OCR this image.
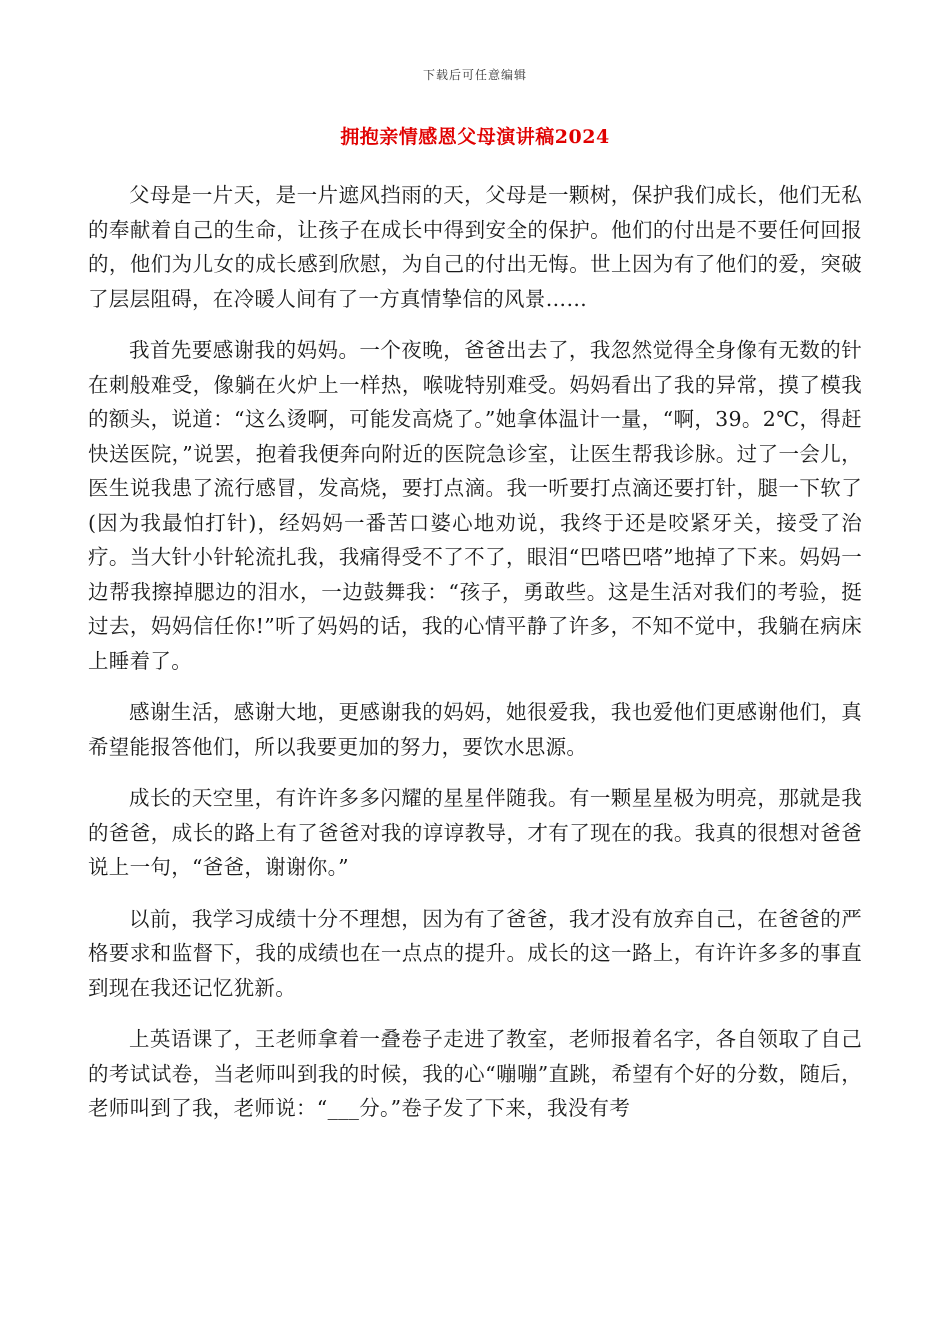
下载后可任意编辑
拥抱亲情感恩父母演讲稿2024

父母是一片天，是一片遮风挡雨的天，父母是一颗树，保护我们成长，他们无私的奉献着自己的生命，让孩子在成长中得到安全的保护。他们的付出是不要任何回报的，他们为儿女的成长感到欣慰，为自己的付出无悔。世上因为有了他们的爱，突破了层层阻碍，在冷暖人间有了一方真情挚信的风景……

我首先要感谢我的妈妈。一个夜晚，爸爸出去了，我忽然觉得全身像有无数的针在刺般难受，像躺在火炉上一样热，喉咙特别难受。妈妈看出了我的异常，摸了模我的额头，说道：“这么烫啊，可能发高烧了。”她拿体温计一量，“啊，39。2℃，得赶快送医院，”说罢，抱着我便奔向附近的医院急诊室，让医生帮我诊脉。过了一会儿，医生说我患了流行感冒，发高烧，要打点滴。我一听要打点滴还要打针，腿一下软了(因为我最怕打针)，经妈妈一番苦口婆心地劝说，我终于还是咬紧牙关，接受了治疗。当大针小针轮流扎我，我痛得受不了不了，眼泪“巴嗒巴嗒”地掉了下来。妈妈一边帮我擦掉腮边的泪水，一边鼓舞我：“孩子，勇敢些。这是生活对我们的考验，挺过去，妈妈信任你!”听了妈妈的话，我的心情平静了许多，不知不觉中，我躺在病床上睡着了。

感谢生活，感谢大地，更感谢我的妈妈，她很爱我，我也爱他们更感谢他们，真希望能报答他们，所以我要更加的努力，要饮水思源。

成长的天空里，有许许多多闪耀的星星伴随我。有一颗星星极为明亮，那就是我的爸爸，成长的路上有了爸爸对我的谆谆教导，才有了现在的我。我真的很想对爸爸说上一句，“爸爸，谢谢你。”

以前，我学习成绩十分不理想，因为有了爸爸，我才没有放弃自己，在爸爸的严格要求和监督下，我的成绩也在一点点的提升。成长的这一路上，有许许多多的事直到现在我还记忆犹新。

上英语课了，王老师拿着一叠卷子走进了教室，老师报着名字，各自领取了自己的考试试卷，当老师叫到我的时候，我的心“嘣嘣”直跳，希望有个好的分数，随后，老师叫到了我，老师说：“___分。”卷子发了下来，我没有考
